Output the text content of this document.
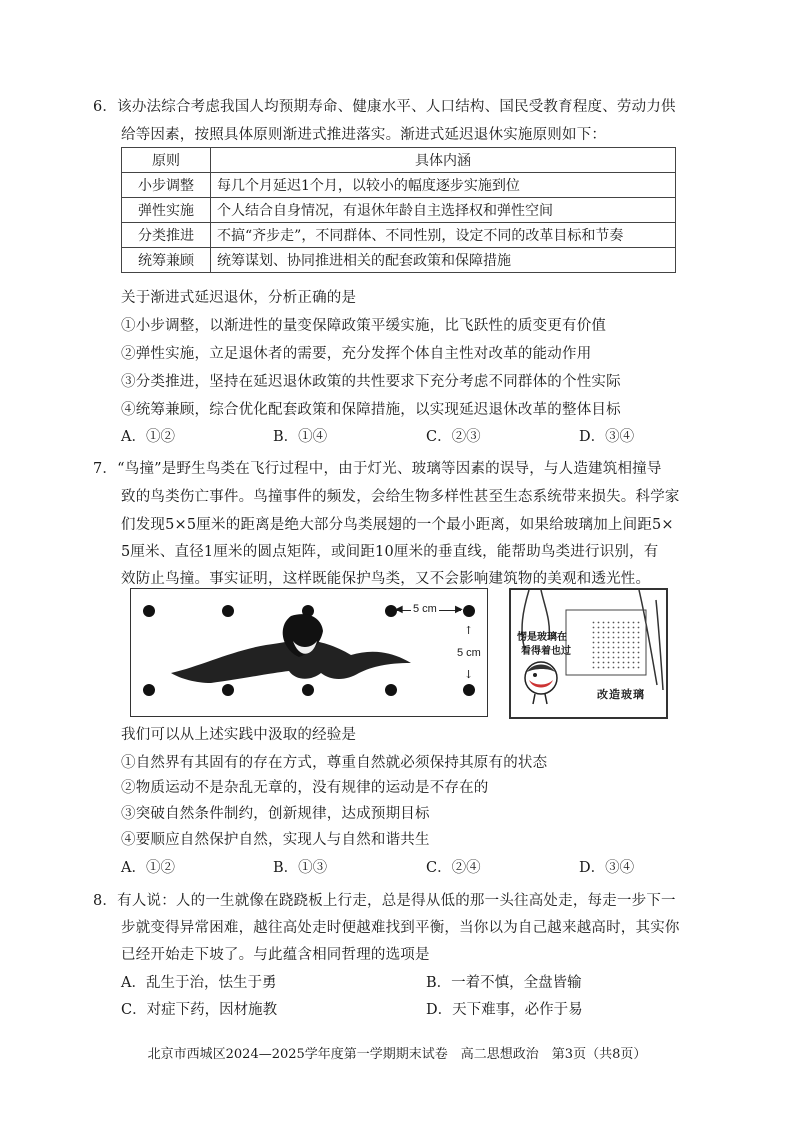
6．该办法综合考虑我国人均预期寿命、健康水平、人口结构、国民受教育程度、劳动力供
给等因素，按照具体原则渐进式推进落实。渐进式延迟退休实施原则如下：
原则	具体内涵
小步调整	每几个月延迟1个月，以较小的幅度逐步实施到位
弹性实施	个人结合自身情况，有退休年龄自主选择权和弹性空间
分类推进	不搞“齐步走”，不同群体、不同性别，设定不同的改革目标和节奏
统筹兼顾	统筹谋划、协同推进相关的配套政策和保障措施
关于渐进式延迟退休，分析正确的是
①小步调整，以渐进性的量变保障政策平缓实施，比飞跃性的质变更有价值
②弹性实施，立足退休者的需要，充分发挥个体自主性对改革的能动作用
③分类推进，坚持在延迟退休政策的共性要求下充分考虑不同群体的个性实际
④统筹兼顾，综合优化配套政策和保障措施，以实现延迟退休改革的整体目标
A．①②	B．①④	C．②③	D．③④
7．“鸟撞”是野生鸟类在飞行过程中，由于灯光、玻璃等因素的误导，与人造建筑相撞导
致的鸟类伤亡事件。鸟撞事件的频发，会给生物多样性甚至生态系统带来损失。科学家
们发现5×5厘米的距离是绝大部分鸟类展翅的一个最小距离，如果给玻璃加上间距5×
5厘米、直径1厘米的圆点矩阵，或间距10厘米的垂直线，能帮助鸟类进行识别，有
效防止鸟撞。事实证明，这样既能保护鸟类，又不会影响建筑物的美观和透光性。
◀	▶
5 cm
↑
5 cm
↓
愣是玻璃在
看得着也过
改造玻璃
我们可以从上述实践中汲取的经验是
①自然界有其固有的存在方式，尊重自然就必须保持其原有的状态
②物质运动不是杂乱无章的，没有规律的运动是不存在的
③突破自然条件制约，创新规律，达成预期目标
④要顺应自然保护自然，实现人与自然和谐共生
A．①②	B．①③	C．②④	D．③④
8．有人说：人的一生就像在跷跷板上行走，总是得从低的那一头往高处走，每走一步下一
步就变得异常困难，越往高处走时便越难找到平衡，当你以为自己越来越高时，其实你
已经开始走下坡了。与此蕴含相同哲理的选项是
A．乱生于治，怯生于勇	B．一着不慎，全盘皆输
C．对症下药，因材施教	D．天下难事，必作于易
北京市西城区2024—2025学年度第一学期期末试卷　高二思想政治　第3页（共8页）
